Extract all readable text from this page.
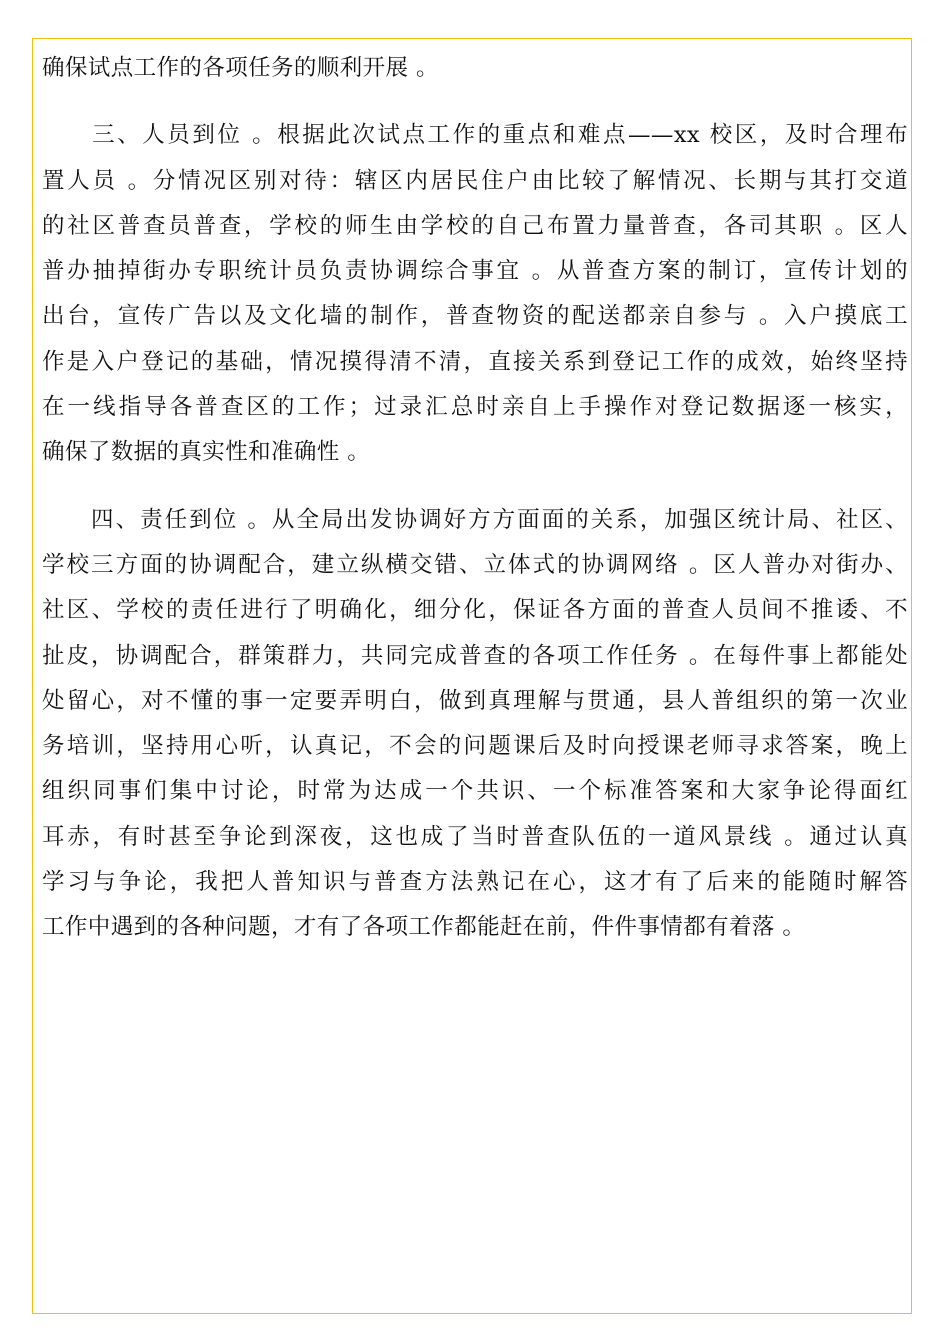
确保试点工作的各项任务的顺利开展 。

　　三、人员到位 。根据此次试点工作的重点和难点——xx 校区，及时合理布
置人员 。分情况区别对待：辖区内居民住户由比较了解情况、长期与其打交道
的社区普查员普查，学校的师生由学校的自己布置力量普查，各司其职 。区人
普办抽掉街办专职统计员负责协调综合事宜 。从普查方案的制订，宣传计划的
出台，宣传广告以及文化墙的制作，普查物资的配送都亲自参与 。入户摸底工
作是入户登记的基础，情况摸得清不清，直接关系到登记工作的成效，始终坚持
在一线指导各普查区的工作；过录汇总时亲自上手操作对登记数据逐一核实，
确保了数据的真实性和准确性 。

　　四、责任到位 。从全局出发协调好方方面面的关系，加强区统计局、社区、
学校三方面的协调配合，建立纵横交错、立体式的协调网络 。区人普办对街办、
社区、学校的责任进行了明确化，细分化，保证各方面的普查人员间不推诿、不
扯皮，协调配合，群策群力，共同完成普查的各项工作任务 。在每件事上都能处
处留心，对不懂的事一定要弄明白，做到真理解与贯通，县人普组织的第一次业
务培训，坚持用心听，认真记，不会的问题课后及时向授课老师寻求答案，晚上
组织同事们集中讨论，时常为达成一个共识、一个标准答案和大家争论得面红
耳赤，有时甚至争论到深夜，这也成了当时普查队伍的一道风景线 。通过认真
学习与争论，我把人普知识与普查方法熟记在心，这才有了后来的能随时解答
工作中遇到的各种问题，才有了各项工作都能赶在前，件件事情都有着落 。
